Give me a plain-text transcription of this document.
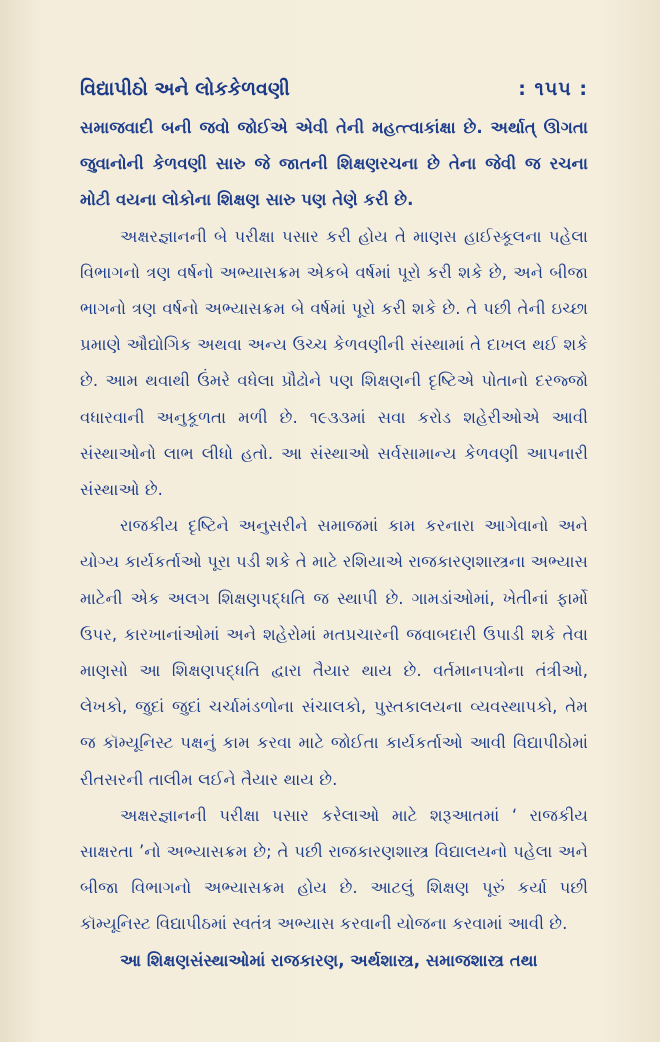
વિદ્યાપીઠો અને લોકકેળવણી	: ૧૫૫ :

સમાજવાદી બની જવો જોઈએ એવી તેની મહત્ત્વાકાંક્ષા છે. અર્થાત્ ઊગતા જુવાનોની કેળવણી સારુ જે જાતની શિક્ષણરચના છે તેના જેવી જ રચના મોટી વયના લોકોના શિક્ષણ સારુ પણ તેણે કરી છે.

અક્ષરજ્ઞાનની બે પરીક્ષા પસાર કરી હોય તે માણસ હાઈસ્કૂલના પહેલા વિભાગનો ત્રણ વર્ષનો અભ્યાસક્રમ એકબે વર્ષમાં પૂરો કરી શકે છે, અને બીજા ભાગનો ત્રણ વર્ષનો અભ્યાસક્રમ બે વર્ષમાં પૂરો કરી શકે છે. તે પછી તેની ઇચ્છા પ્રમાણે ઔદ્યોગિક અથવા અન્ય ઉચ્ચ કેળવણીની સંસ્થામાં તે દાખલ થઈ શકે છે. આમ થવાથી ઉંમરે વધેલા પ્રૌઢોને પણ શિક્ષણની દૃષ્ટિએ પોતાનો દરજ્જો વધારવાની અનુકૂળતા મળી છે. ૧૯૩૩માં સવા કરોડ શહેરીઓએ આવી સંસ્થાઓનો લાભ લીધો હતો. આ સંસ્થાઓ સર્વસામાન્ય કેળવણી આપનારી સંસ્થાઓ છે.

રાજકીય દૃષ્ટિને અનુસરીને સમાજમાં કામ કરનારા આગેવાનો અને યોગ્ય કાર્યકર્તાઓ પૂરા પડી શકે તે માટે રશિયાએ રાજકારણશાસ્ત્રના અભ્યાસ માટેની એક અલગ શિક્ષણપદ્ધતિ જ સ્થાપી છે. ગામડાંઓમાં, ખેતીનાં ફાર્મો ઉપર, કારખાનાંઓમાં અને શહેરોમાં મતપ્રચારની જવાબદારી ઉપાડી શકે તેવા માણસો આ શિક્ષણપદ્ધતિ દ્વારા તૈયાર થાય છે. વર્તમાનપત્રોના તંત્રીઓ, લેખકો, જુદાં જુદાં ચર્ચામંડળોના સંચાલકો, પુસ્તકાલયના વ્યવસ્થાપકો, તેમ જ કૉમ્યૂનિસ્ટ પક્ષનું કામ કરવા માટે જોઈતા કાર્યકર્તાઓ આવી વિદ્યાપીઠોમાં રીતસરની તાલીમ લઈને તૈયાર થાય છે.

અક્ષરજ્ઞાનની પરીક્ષા પસાર કરેલાઓ માટે શરૂઆતમાં ‘ રાજકીય સાક્ષરતા ’નો અભ્યાસક્રમ છે; તે પછી રાજકારણશાસ્ત્ર વિદ્યાલયનો પહેલા અને બીજા વિભાગનો અભ્યાસક્રમ હોય છે. આટલું શિક્ષણ પૂરું કર્યા પછી કૉમ્યૂનિસ્ટ વિદ્યાપીઠમાં સ્વતંત્ર અભ્યાસ કરવાની યોજના કરવામાં આવી છે.

આ શિક્ષણસંસ્થાઓમાં રાજકારણ, અર્થશાસ્ત્ર, સમાજશાસ્ત્ર તથા
